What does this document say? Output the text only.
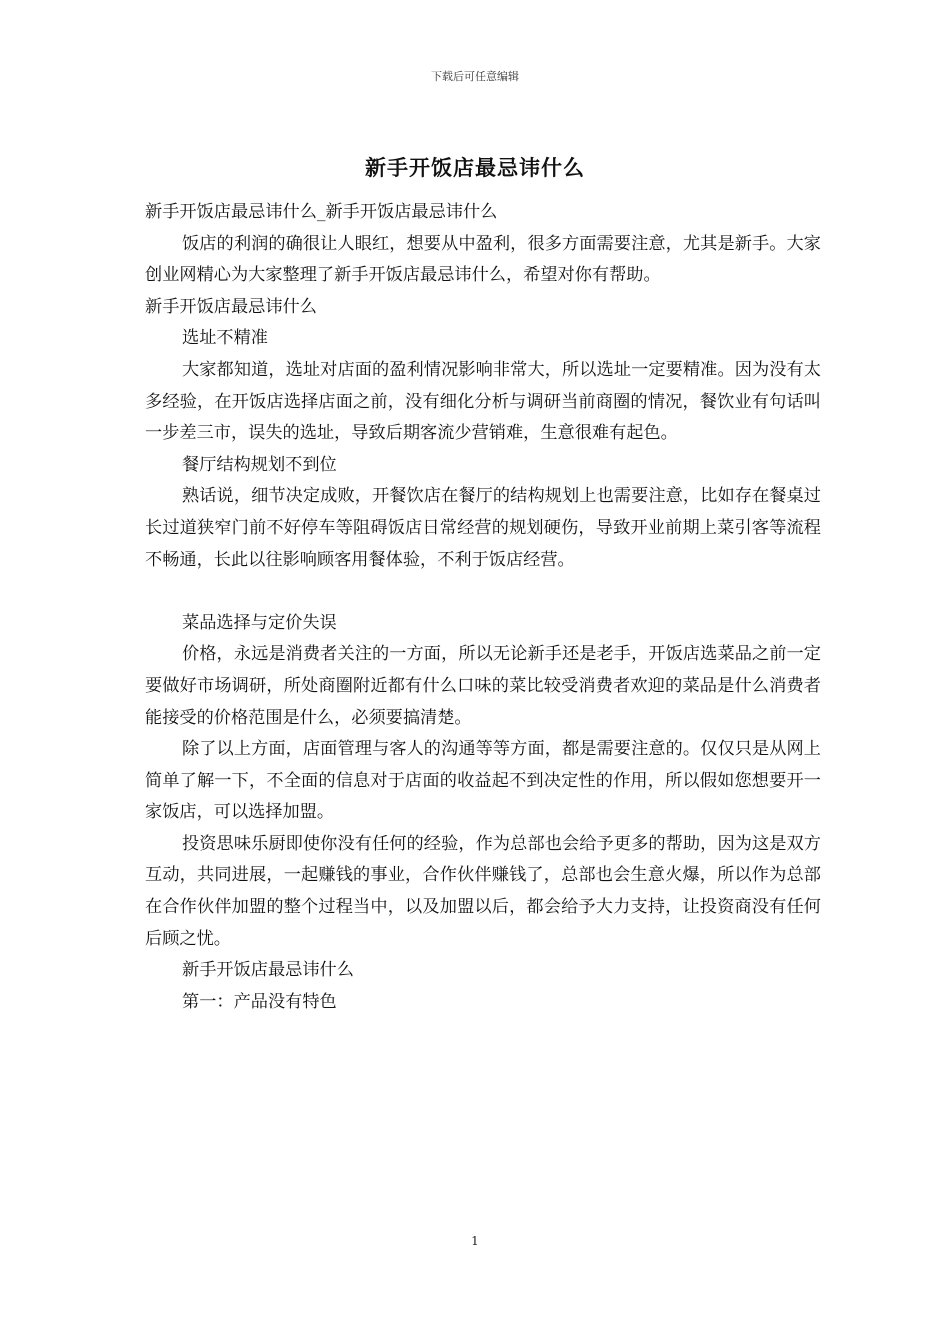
下载后可任意编辑
新手开饭店最忌讳什么

新手开饭店最忌讳什么_新手开饭店最忌讳什么

饭店的利润的确很让人眼红，想要从中盈利，很多方面需要注意，尤其是新手。大家创业网精心为大家整理了新手开饭店最忌讳什么，希望对你有帮助。

新手开饭店最忌讳什么

选址不精准

大家都知道，选址对店面的盈利情况影响非常大，所以选址一定要精准。因为没有太多经验，在开饭店选择店面之前，没有细化分析与调研当前商圈的情况，餐饮业有句话叫一步差三市，误失的选址，导致后期客流少营销难，生意很难有起色。

餐厅结构规划不到位

熟话说，细节决定成败，开餐饮店在餐厅的结构规划上也需要注意，比如存在餐桌过长过道狭窄门前不好停车等阻碍饭店日常经营的规划硬伤，导致开业前期上菜引客等流程不畅通，长此以往影响顾客用餐体验，不利于饭店经营。

菜品选择与定价失误

价格，永远是消费者关注的一方面，所以无论新手还是老手，开饭店选菜品之前一定要做好市场调研，所处商圈附近都有什么口味的菜比较受消费者欢迎的菜品是什么消费者能接受的价格范围是什么，必须要搞清楚。

除了以上方面，店面管理与客人的沟通等等方面，都是需要注意的。仅仅只是从网上简单了解一下，不全面的信息对于店面的收益起不到决定性的作用，所以假如您想要开一家饭店，可以选择加盟。

投资思味乐厨即使你没有任何的经验，作为总部也会给予更多的帮助，因为这是双方互动，共同进展，一起赚钱的事业，合作伙伴赚钱了，总部也会生意火爆，所以作为总部在合作伙伴加盟的整个过程当中，以及加盟以后，都会给予大力支持，让投资商没有任何后顾之忧。

新手开饭店最忌讳什么

第一：产品没有特色

1
